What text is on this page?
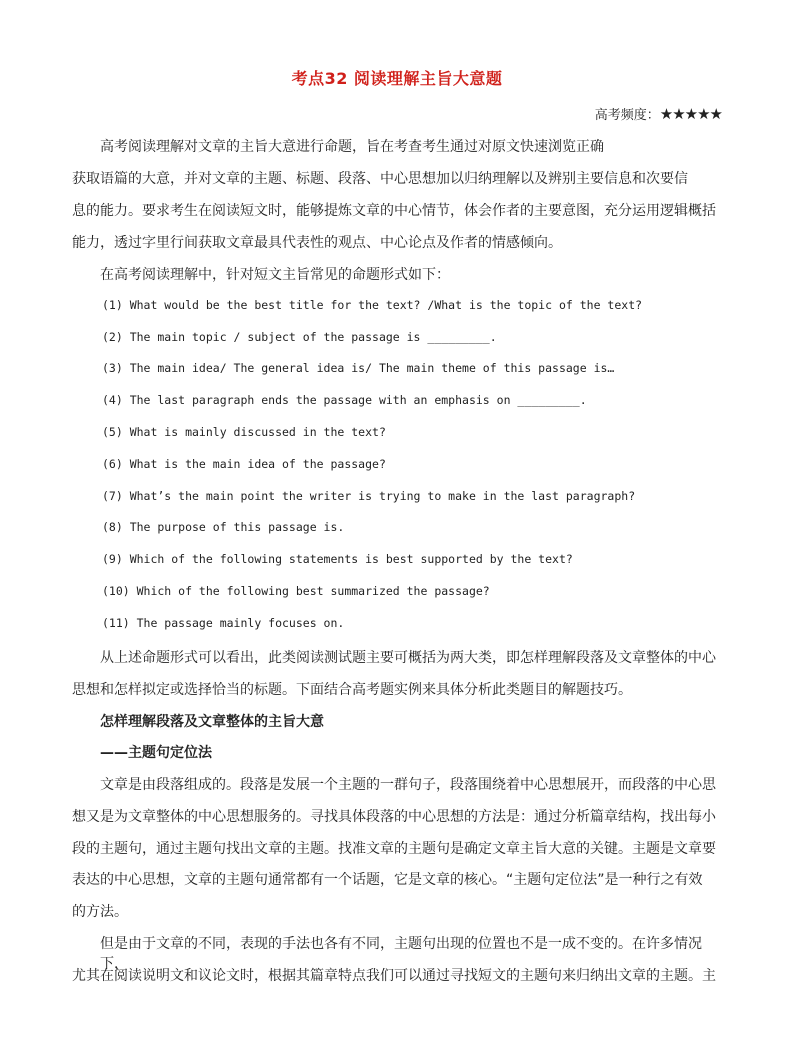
考点32 阅读理解主旨大意题
高考频度：★★★★★
高考阅读理解对文章的主旨大意进行命题，旨在考查考生通过对原文快速浏览正确
获取语篇的大意，并对文章的主题、标题、段落、中心思想加以归纳理解以及辨别主要信息和次要信
息的能力。要求考生在阅读短文时，能够提炼文章的中心情节，体会作者的主要意图，充分运用逻辑概括
能力，透过字里行间获取文章最具代表性的观点、中心论点及作者的情感倾向。
在高考阅读理解中，针对短文主旨常见的命题形式如下：
(1) What would be the best title for the text? /What is the topic of the text?
(2) The main topic / subject of the passage is _________.
(3) The main idea/ The general idea is/ The main theme of this passage is…
(4) The last paragraph ends the passage with an emphasis on _________.
(5) What is mainly discussed in the text?
(6) What is the main idea of the passage?
(7) What’s the main point the writer is trying to make in the last paragraph?
(8) The purpose of this passage is.
(9) Which of the following statements is best supported by the text?
(10) Which of the following best summarized the passage?
(11) The passage mainly focuses on.
从上述命题形式可以看出，此类阅读测试题主要可概括为两大类，即怎样理解段落及文章整体的中心
思想和怎样拟定或选择恰当的标题。下面结合高考题实例来具体分析此类题目的解题技巧。
怎样理解段落及文章整体的主旨大意
——主题句定位法
文章是由段落组成的。段落是发展一个主题的一群句子，段落围绕着中心思想展开，而段落的中心思
想又是为文章整体的中心思想服务的。寻找具体段落的中心思想的方法是：通过分析篇章结构，找出每小
段的主题句，通过主题句找出文章的主题。找准文章的主题句是确定文章主旨大意的关键。主题是文章要
表达的中心思想，文章的主题句通常都有一个话题，它是文章的核心。“主题句定位法”是一种行之有效
的方法。
但是由于文章的不同，表现的手法也各有不同，主题句出现的位置也不是一成不变的。在许多情况下，
尤其在阅读说明文和议论文时，根据其篇章特点我们可以通过寻找短文的主题句来归纳出文章的主题。主
